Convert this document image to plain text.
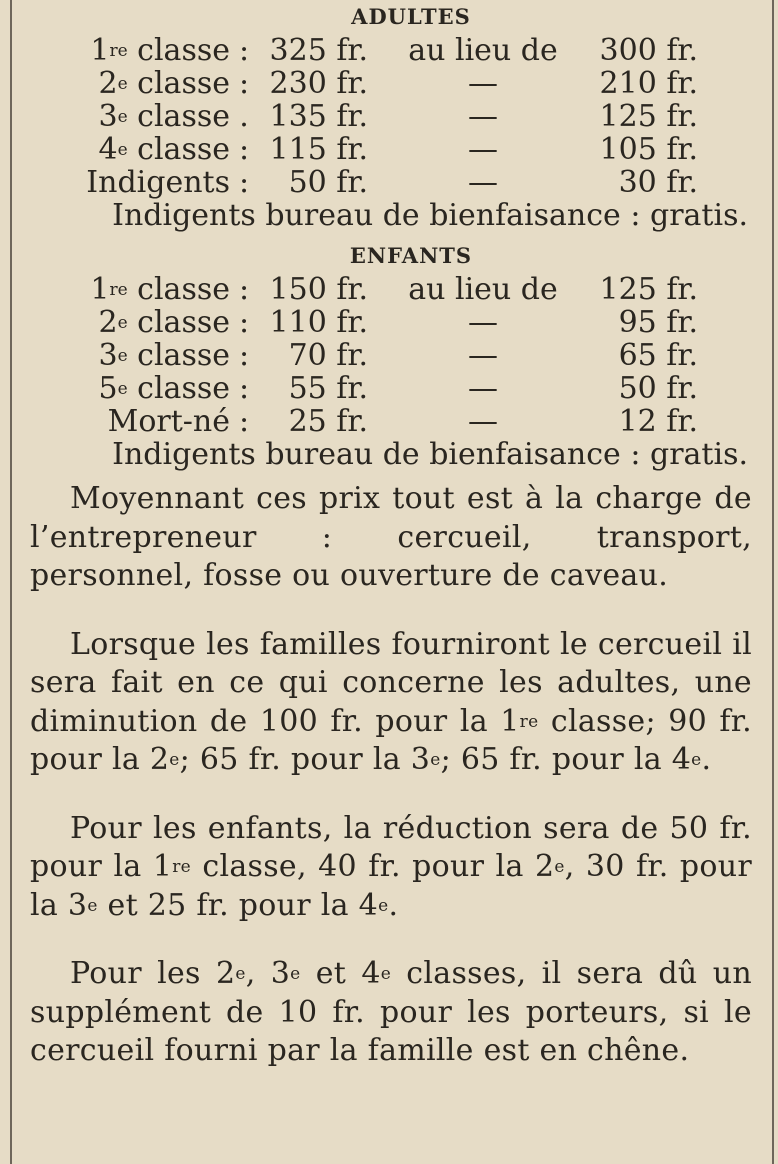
ADULTES
1re classe : 325 fr.	au lieu de	300 fr.
2e classe : 230 fr.	—	210 fr.
3e classe . 135 fr.	—	125 fr.
4e classe : 115 fr.	—	105 fr.
Indigents :	50 fr.	—	30 fr.
Indigents bureau de bienfaisance : gratis.
ENFANTS
1re classe : 150 fr.	au lieu de	125 fr.
2e classe : 110 fr.	—	95 fr.
3e classe :	70 fr.	—	65 fr.
5e classe :	55 fr.	—	50 fr.
Mort-né :	25 fr.	—	12 fr.
Indigents bureau de bienfaisance : gratis.

Moyennant ces prix tout est à la charge de l’entrepreneur : cercueil, transport, personnel, fosse ou ouverture de caveau.

Lorsque les familles fourniront le cercueil il sera fait en ce qui concerne les adultes, une diminution de 100 fr. pour la 1re classe; 90 fr. pour la 2e; 65 fr. pour la 3e; 65 fr. pour la 4e.

Pour les enfants, la réduction sera de 50 fr. pour la 1re classe, 40 fr. pour la 2e, 30 fr. pour la 3e et 25 fr. pour la 4e.

Pour les 2e, 3e et 4e classes, il sera dû un supplément de 10 fr. pour les porteurs, si le cercueil fourni par la famille est en chêne.
